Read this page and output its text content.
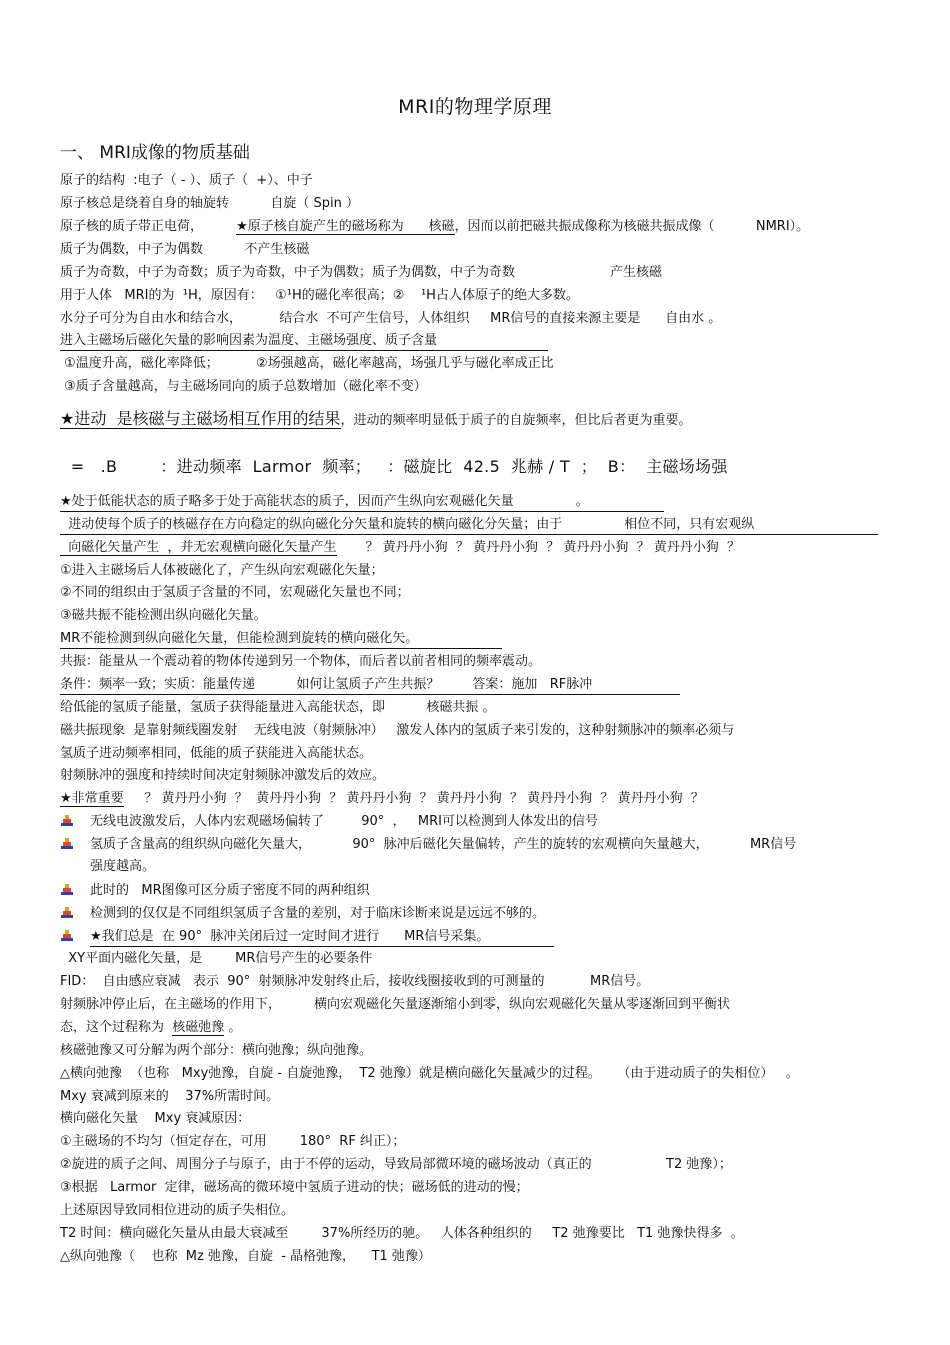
MRI的物理学原理
一、 MRI成像的物质基础
原子的结构  :电子（ - ）、质子（  +）、中子
原子核总是绕着自身的轴旋转          自旋（ Spin ）
原子核的质子带正电荷，        ★原子核自旋产生的磁场称为      核磁，因而以前把磁共振成像称为核磁共振成像（          NMRI）。
质子为偶数，中子为偶数          不产生核磁
质子为奇数，中子为奇数；质子为奇数，中子为偶数；质子为偶数，中子为奇数                       产生核磁
用于人体   MRI的为  ¹H，原因有：   ①¹H的磁化率很高；②    ¹H占人体原子的绝大多数。
水分子可分为自由水和结合水，         结合水  不可产生信号，人体组织     MR信号的直接来源主要是      自由水 。
进入主磁场后磁化矢量的影响因素为温度、主磁场强度、质子含量
①温度升高，磁化率降低；         ②场强越高，磁化率越高，场强几乎与磁化率成正比
③质子含量越高，与主磁场同向的质子总数增加（磁化率不变）
★进动  是核磁与主磁场相互作用的结果，进动的频率明显低于质子的自旋频率，但比后者更为重要。
=   .B        ：进动频率  Larmor  频率；   ：磁旋比  42.5  兆赫 / T  ；  B：  主磁场场强
★处于低能状态的质子略多于处于高能状态的质子，因而产生纵向宏观磁化矢量               。
进动使每个质子的核磁存在方向稳定的纵向磁化分矢量和旋转的横向磁化分矢量；由于               相位不同，只有宏观纵
向磁化矢量产生  ，并无宏观横向磁化矢量产生       ？ 黄丹丹小狗  ？ 黄丹丹小狗  ？ 黄丹丹小狗  ？ 黄丹丹小狗  ？
①进入主磁场后人体被磁化了，产生纵向宏观磁化矢量；
②不同的组织由于氢质子含量的不同，宏观磁化矢量也不同；
③磁共振不能检测出纵向磁化矢量。
MR不能检测到纵向磁化矢量，但能检测到旋转的横向磁化矢。
共振：能量从一个震动着的物体传递到另一个物体，而后者以前者相同的频率震动。
条件：频率一致；实质：能量传递          如何让氢质子产生共振？        答案：施加   RF脉冲
给低能的氢质子能量，氢质子获得能量进入高能状态，即          核磁共振 。
磁共振现象  是靠射频线圈发射    无线电波（射频脉冲）   激发人体内的氢质子来引发的，这种射频脉冲的频率必须与
氢质子进动频率相同，低能的质子获能进入高能状态。
射频脉冲的强度和持续时间决定射频脉冲激发后的效应。
★非常重要     ？ 黄丹丹小狗  ？  黄丹丹小狗  ？ 黄丹丹小狗  ？ 黄丹丹小狗  ？ 黄丹丹小狗  ？ 黄丹丹小狗  ？
无线电波激发后，人体内宏观磁场偏转了         90°  ，   MRI可以检测到人体发出的信号
氢质子含量高的组织纵向磁化矢量大，          90°  脉冲后磁化矢量偏转，产生的旋转的宏观横向矢量越大，          MR信号
强度越高。
此时的   MR图像可区分质子密度不同的两种组织
检测到的仅仅是不同组织氢质子含量的差别，对于临床诊断来说是远远不够的。
★我们总是  在 90°  脉冲关闭后过一定时间才进行      MR信号采集。
XY平面内磁化矢量，是        MR信号产生的必要条件
FID：  自由感应衰减   表示  90°  射频脉冲发射终止后，接收线圈接收到的可测量的           MR信号。
射频脉冲停止后，在主磁场的作用下，        横向宏观磁化矢量逐渐缩小到零，纵向宏观磁化矢量从零逐渐回到平衡状
态，这个过程称为  核磁弛豫 。
核磁弛豫又可分解为两个部分：横向弛豫；纵向弛豫。
△横向弛豫  （也称   Mxy弛豫，自旋 - 自旋弛豫，  T2 弛豫）就是横向磁化矢量减少的过程。    （由于进动质子的失相位）   。
Mxy 衰减到原来的    37%所需时间。
横向磁化矢量    Mxy 衰减原因：
①主磁场的不均匀（恒定存在，可用        180°  RF 纠正）；
②旋进的质子之间、周围分子与原子，由于不停的运动，导致局部微环境的磁场波动（真正的                  T2 弛豫）；
③根据   Larmor  定律，磁场高的微环境中氢质子进动的快；磁场低的进动的慢；
上述原因导致同相位进动的质子失相位。
T2 时间：横向磁化矢量从由最大衰减至        37%所经历的驰。   人体各种组织的     T2 弛豫要比   T1 弛豫快得多  。
△纵向弛豫（    也称  Mz 弛豫，自旋  - 晶格弛豫，    T1 弛豫）
